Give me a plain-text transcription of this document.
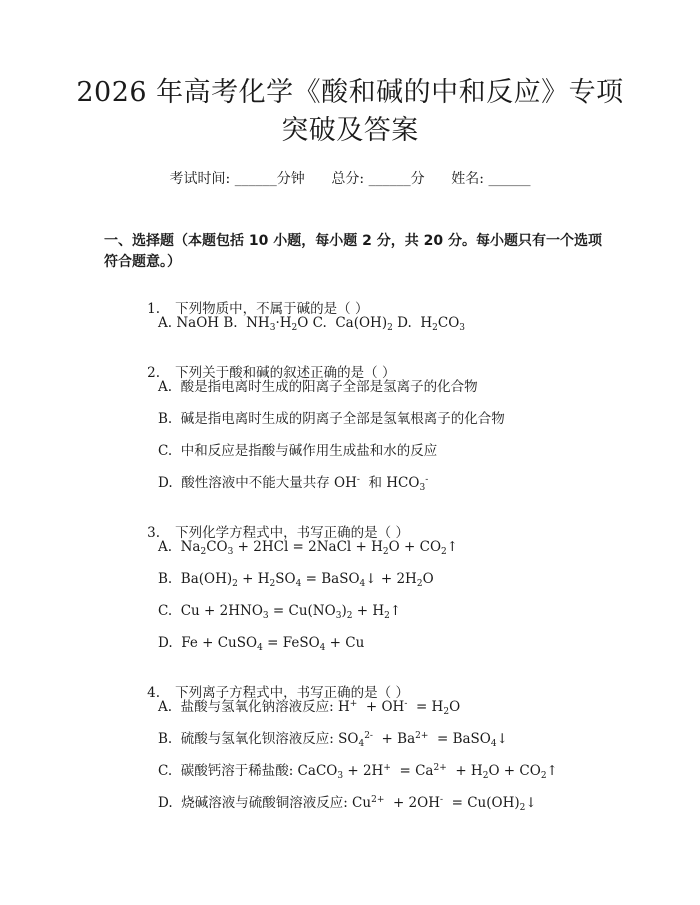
2026 年高考化学《酸和碱的中和反应》专项
突破及答案
考试时间: ______分钟      总分: ______分      姓名: ______
一、选择题（本题包括 10 小题，每小题 2 分，共 20 分。每小题只有一个选项符合题意。）

1. 下列物质中，不属于碱的是（ ）

A. NaOH B.  $NH_3\cdot H_2O$ C.  $Ca(OH)_2$ D.  $H_2CO_3$

2. 下列关于酸和碱的叙述正确的是（ ）

A.  酸是指电离时生成的阳离子全部是氢离子的化合物
B.  碱是指电离时生成的阴离子全部是氢氧根离子的化合物
C.  中和反应是指酸与碱作用生成盐和水的反应
D.  酸性溶液中不能大量共存 OH-  和 $HCO_3^-$

3. 下列化学方程式中，书写正确的是（ ）

A.  $Na_2CO_3 + 2HCl$ = 2NaCl + $H_2O$ + $CO_2↑$
B.  $Ba(OH)_2 + H_2SO_4$ = BaSO$_4$↓ + $2H_2O$
C.  $Cu + 2HNO_3 = Cu(NO_3)_2$ + $H_2↑$
D.  Fe + CuSO$_4$ = FeSO$_4$ + Cu

4. 下列离子方程式中，书写正确的是（ ）

A.  盐酸与氢氧化钠溶液反应: $H^+ + OH^- = H_2O$
B.  硫酸与氢氧化钡溶液反应: $SO_4^{2-} + Ba^{2+}$  = BaSO$_4$↓
C.  碳酸钙溶于稀盐酸: CaCO$_3$ + $2H^+ = Ca^{2+} + H_2O$ + $CO_2↑$
D.  烧碱溶液与硫酸铜溶液反应: $Cu^{2+} + 2OH^-$  = $Cu(OH)_2↓$
